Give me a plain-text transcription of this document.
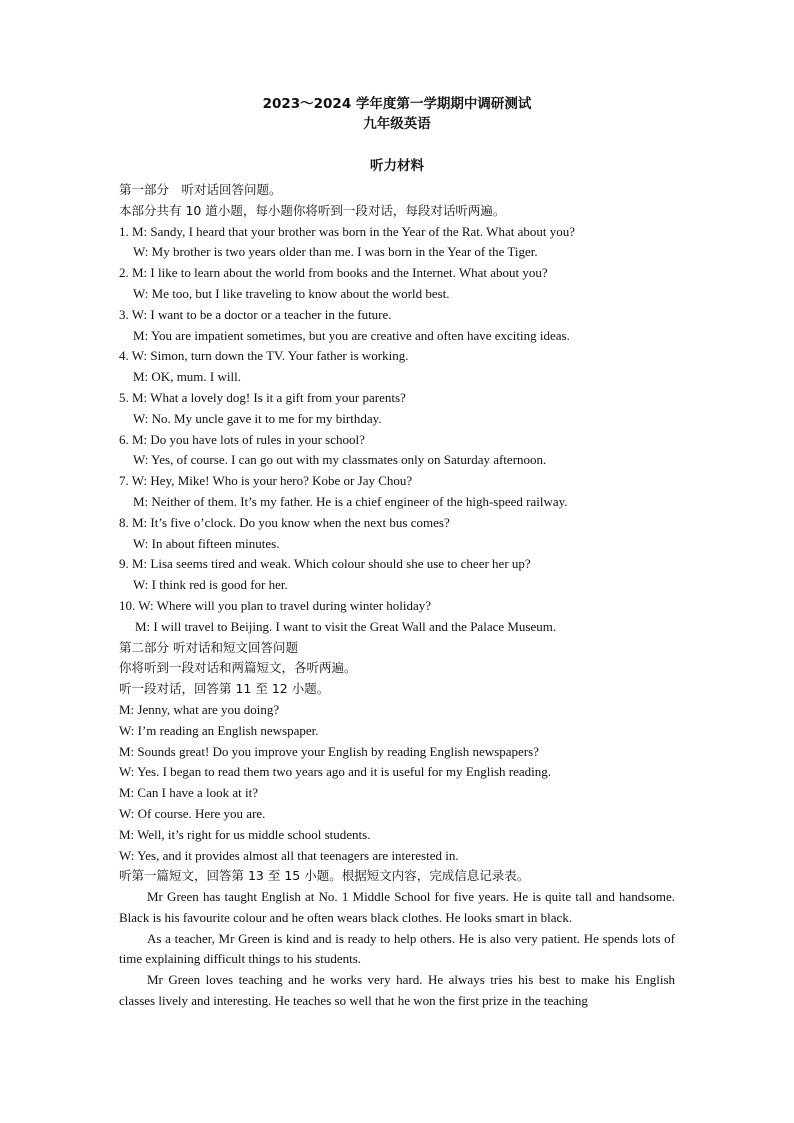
2023～2024 学年度第一学期期中调研测试

九年级英语

听力材料

第一部分　听对话回答问题。

本部分共有 10 道小题，每小题你将听到一段对话，每段对话听两遍。

1. M: Sandy, I heard that your brother was born in the Year of the Rat. What about you?

W: My brother is two years older than me. I was born in the Year of the Tiger.

2. M: I like to learn about the world from books and the Internet. What about you?

W: Me too, but I like traveling to know about the world best.

3. W: I want to be a doctor or a teacher in the future.

M: You are impatient sometimes, but you are creative and often have exciting ideas.

4. W: Simon, turn down the TV. Your father is working.

M: OK, mum. I will.

5. M: What a lovely dog! Is it a gift from your parents?

W: No. My uncle gave it to me for my birthday.

6. M: Do you have lots of rules in your school?

W: Yes, of course. I can go out with my classmates only on Saturday afternoon.

7. W: Hey, Mike! Who is your hero? Kobe or Jay Chou?

M: Neither of them. It’s my father. He is a chief engineer of the high-speed railway.

8. M: It’s five o’clock. Do you know when the next bus comes?

W: In about fifteen minutes.

9. M: Lisa seems tired and weak. Which colour should she use to cheer her up?

W: I think red is good for her.

10. W: Where will you plan to travel during winter holiday?

M: I will travel to Beijing. I want to visit the Great Wall and the Palace Museum.

第二部分 听对话和短文回答问题

你将听到一段对话和两篇短文，各听两遍。

听一段对话，回答第 11 至 12 小题。

M: Jenny, what are you doing?

W: I’m reading an English newspaper.

M: Sounds great! Do you improve your English by reading English newspapers?

W: Yes. I began to read them two years ago and it is useful for my English reading.

M: Can I have a look at it?

W: Of course. Here you are.

M: Well, it’s right for us middle school students.

W: Yes, and it provides almost all that teenagers are interested in.

听第一篇短文，回答第 13 至 15 小题。根据短文内容，完成信息记录表。

Mr Green has taught English at No. 1 Middle School for five years. He is quite tall and handsome. Black is his favourite colour and he often wears black clothes. He looks smart in black.

As a teacher, Mr Green is kind and is ready to help others. He is also very patient. He spends lots of time explaining difficult things to his students.

Mr Green loves teaching and he works very hard. He always tries his best to make his English classes lively and interesting. He teaches so well that he won the first prize in the teaching
